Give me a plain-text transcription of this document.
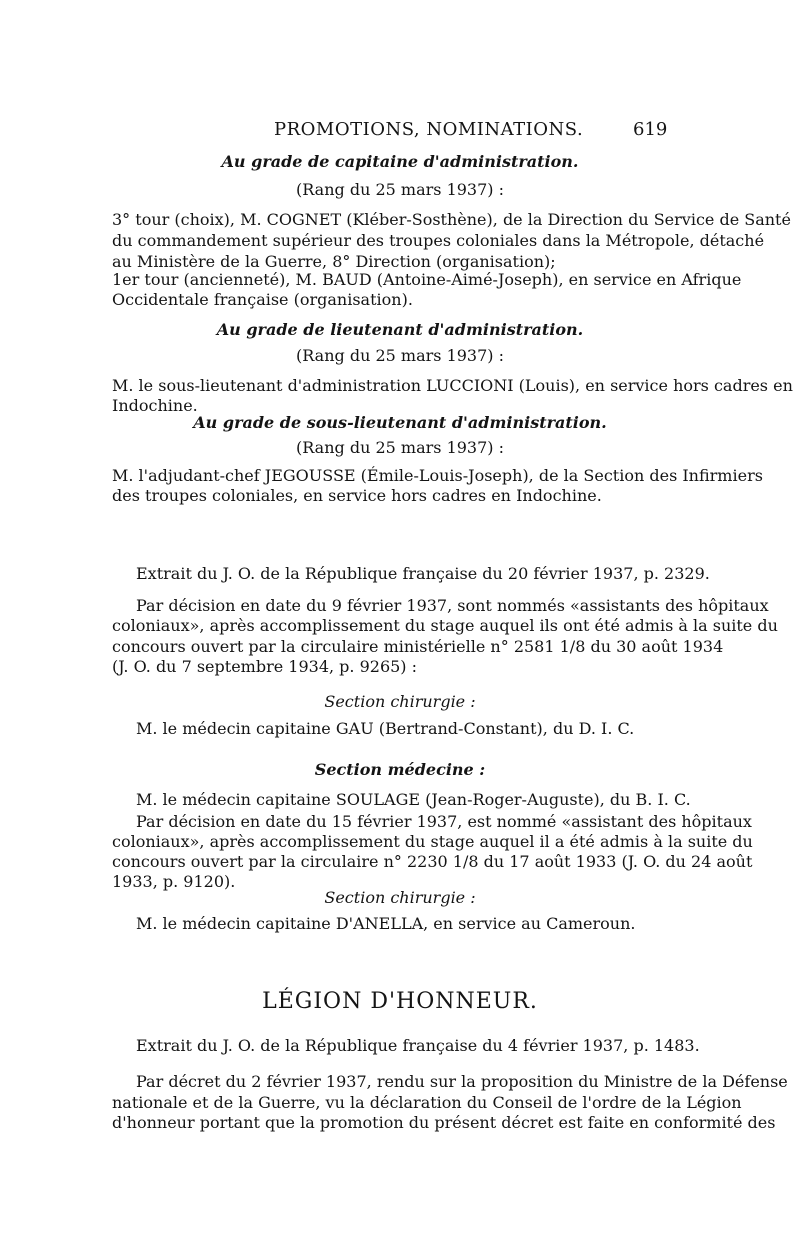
PROMOTIONS, NOMINATIONS.	619
Au grade de capitaine d'administration.
(Rang du 25 mars 1937) :
3° tour (choix), M. COGNET (Kléber-Sosthène), de la Direction du Service de Santé
du commandement supérieur des troupes coloniales dans la Métropole, détaché
au Ministère de la Guerre, 8° Direction (organisation);
1er tour (ancienneté), M. BAUD (Antoine-Aimé-Joseph), en service en Afrique
Occidentale française (organisation).
Au grade de lieutenant d'administration.
(Rang du 25 mars 1937) :
M. le sous-lieutenant d'administration LUCCIONI (Louis), en service hors cadres en
Indochine.
Au grade de sous-lieutenant d'administration.
(Rang du 25 mars 1937) :
M. l'adjudant-chef JEGOUSSE (Émile-Louis-Joseph), de la Section des Infirmiers
des troupes coloniales, en service hors cadres en Indochine.
Extrait du J. O. de la République française du 20 février 1937, p. 2329.
Par décision en date du 9 février 1937, sont nommés «assistants des hôpitaux
coloniaux», après accomplissement du stage auquel ils ont été admis à la suite du
concours ouvert par la circulaire ministérielle n° 2581 1/8 du 30 août 1934
(J. O. du 7 septembre 1934, p. 9265) :
Section chirurgie :
M. le médecin capitaine GAU (Bertrand-Constant), du D. I. C.
Section médecine :
M. le médecin capitaine SOULAGE (Jean-Roger-Auguste), du B. I. C.
Par décision en date du 15 février 1937, est nommé «assistant des hôpitaux
coloniaux», après accomplissement du stage auquel il a été admis à la suite du
concours ouvert par la circulaire n° 2230 1/8 du 17 août 1933 (J. O. du 24 août
1933, p. 9120).
Section chirurgie :
M. le médecin capitaine D'ANELLA, en service au Cameroun.
LÉGION D'HONNEUR.
Extrait du J. O. de la République française du 4 février 1937, p. 1483.
Par décret du 2 février 1937, rendu sur la proposition du Ministre de la Défense
nationale et de la Guerre, vu la déclaration du Conseil de l'ordre de la Légion
d'honneur portant que la promotion du présent décret est faite en conformité des
